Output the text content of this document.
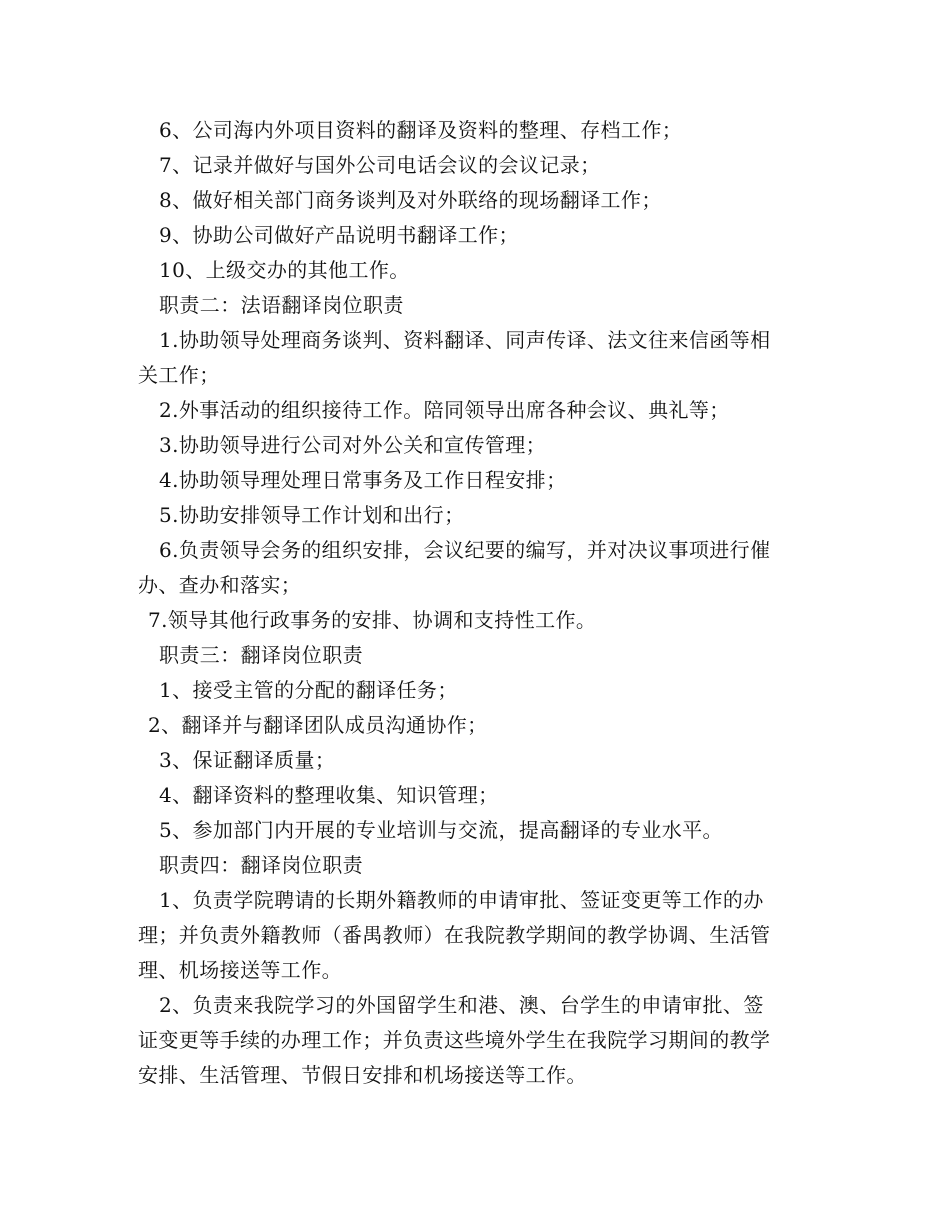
6、公司海内外项目资料的翻译及资料的整理、存档工作；
7、记录并做好与国外公司电话会议的会议记录；
8、做好相关部门商务谈判及对外联络的现场翻译工作；
9、协助公司做好产品说明书翻译工作；
10、上级交办的其他工作。
职责二：法语翻译岗位职责
1.协助领导处理商务谈判、资料翻译、同声传译、法文往来信函等相
关工作；
2.外事活动的组织接待工作。陪同领导出席各种会议、典礼等；
3.协助领导进行公司对外公关和宣传管理；
4.协助领导理处理日常事务及工作日程安排；
5.协助安排领导工作计划和出行；
6.负责领导会务的组织安排，会议纪要的编写，并对决议事项进行催
办、查办和落实；
7.领导其他行政事务的安排、协调和支持性工作。
职责三：翻译岗位职责
1、接受主管的分配的翻译任务；
2、翻译并与翻译团队成员沟通协作；
3、保证翻译质量；
4、翻译资料的整理收集、知识管理；
5、参加部门内开展的专业培训与交流，提高翻译的专业水平。
职责四：翻译岗位职责
1、负责学院聘请的长期外籍教师的申请审批、签证变更等工作的办
理；并负责外籍教师（番禺教师）在我院教学期间的教学协调、生活管
理、机场接送等工作。
2、负责来我院学习的外国留学生和港、澳、台学生的申请审批、签
证变更等手续的办理工作；并负责这些境外学生在我院学习期间的教学
安排、生活管理、节假日安排和机场接送等工作。
